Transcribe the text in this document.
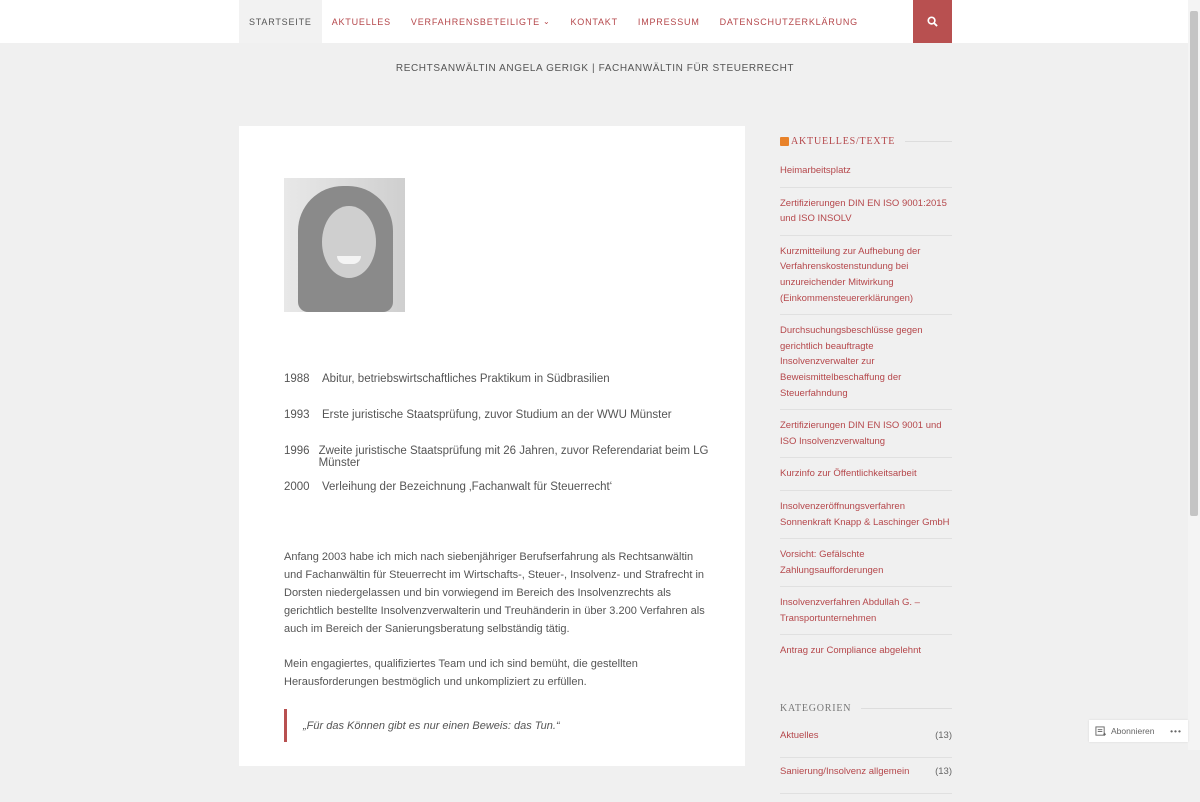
STARTSEITE AKTUELLES VERFAHRENSBETEILIGTE ⌄ KONTAKT IMPRESSUM DATENSCHUTZERKLÄRUNG
RECHTSANWÄLTIN ANGELA GERIGK | FACHANWÄLTIN FÜR STEUERRECHT
1988	Abitur, betriebswirtschaftliches Praktikum in Südbrasilien
1993	Erste juristische Staatsprüfung, zuvor Studium an der WWU Münster
1996 Zweite juristische Staatsprüfung mit 26 Jahren, zuvor Referendariat beim LG Münster
2000	Verleihung der Bezeichnung ‚Fachanwalt für Steuerrecht‘

Anfang 2003 habe ich mich nach siebenjähriger Berufserfahrung als Rechtsanwältin und Fachanwältin für Steuerrecht im Wirtschafts-, Steuer-, Insolvenz- und Strafrecht in Dorsten niedergelassen und bin vorwiegend im Bereich des Insolvenzrechts als gerichtlich bestellte Insolvenzverwalterin und Treuhänderin in über 3.200 Verfahren als auch im Bereich der Sanierungsberatung selbständig tätig.

Mein engagiertes, qualifiziertes Team und ich sind bemüht, die gestellten Herausforderungen bestmöglich und unkompliziert zu erfüllen.

„Für das Können gibt es nur einen Beweis: das Tun.“
AKTUELLES/TEXTE
Heimarbeitsplatz
Zertifizierungen DIN EN ISO 9001:2015 und ISO INSOLV
Kurzmitteilung zur Aufhebung der Verfahrenskostenstundung bei unzureichender Mitwirkung (Einkommensteuererklärungen)
Durchsuchungsbeschlüsse gegen gerichtlich beauftragte Insolvenzverwalter zur Beweismittelbeschaffung der Steuerfahndung
Zertifizierungen DIN EN ISO 9001 und ISO Insolvenzverwaltung
Kurzinfo zur Öffentlichkeitsarbeit
Insolvenzeröffnungsverfahren Sonnenkraft Knapp & Laschinger GmbH
Vorsicht: Gefälschte Zahlungsaufforderungen
Insolvenzverfahren Abdullah G. – Transportunternehmen
Antrag zur Compliance abgelehnt
KATEGORIEN
Aktuelles	(13)
Sanierung/Insolvenz allgemein	(13)
Abonnieren •••
